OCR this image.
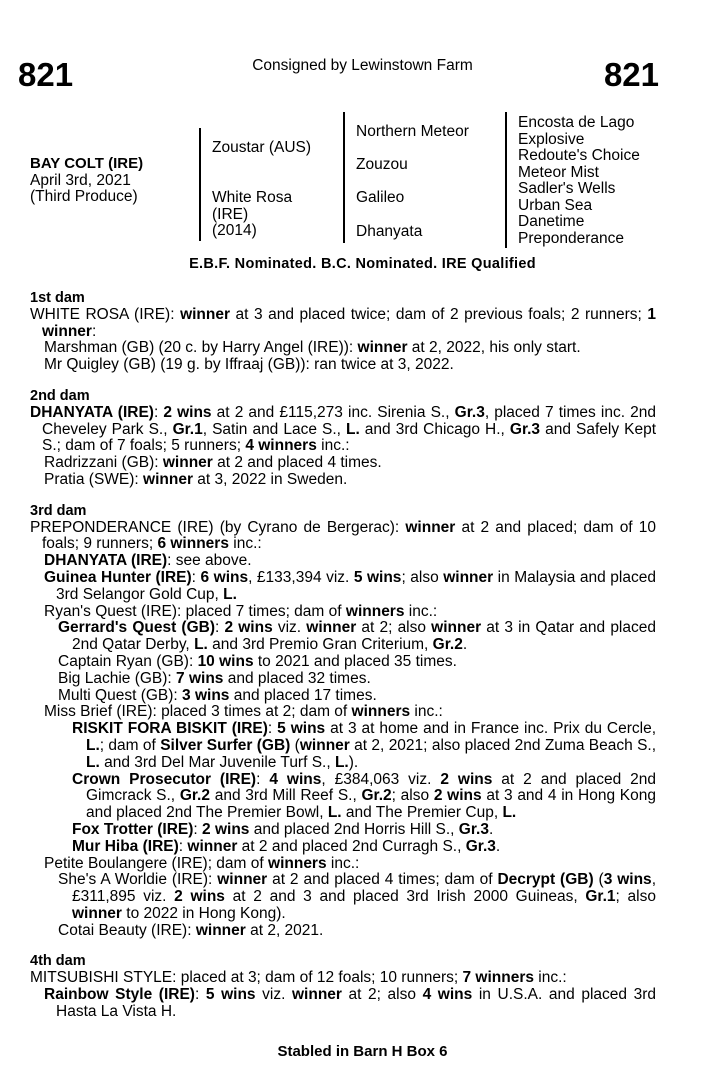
821	821
Consigned by Lewinstown Farm
BAY COLT (IRE)
April 3rd, 2021
(Third Produce)
Zoustar (AUS)
White Rosa
(IRE)
(2014)
Northern Meteor
Zouzou
Galileo
Dhanyata
Encosta de Lago
Explosive
Redoute's Choice
Meteor Mist
Sadler's Wells
Urban Sea
Danetime
Preponderance
E.B.F. Nominated. B.C. Nominated. IRE Qualified
1st dam
WHITE ROSA (IRE): winner at 3 and placed twice; dam of 2 previous foals; 2 runners; 1 winner:
Marshman (GB) (20 c. by Harry Angel (IRE)): winner at 2, 2022, his only start.
Mr Quigley (GB) (19 g. by Iffraaj (GB)): ran twice at 3, 2022.
2nd dam
DHANYATA (IRE): 2 wins at 2 and £115,273 inc. Sirenia S., Gr.3, placed 7 times inc. 2nd Cheveley Park S., Gr.1, Satin and Lace S., L. and 3rd Chicago H., Gr.3 and Safely Kept S.; dam of 7 foals; 5 runners; 4 winners inc.:
Radrizzani (GB): winner at 2 and placed 4 times.
Pratia (SWE): winner at 3, 2022 in Sweden.
3rd dam
PREPONDERANCE (IRE) (by Cyrano de Bergerac): winner at 2 and placed; dam of 10 foals; 9 runners; 6 winners inc.:
DHANYATA (IRE): see above.
Guinea Hunter (IRE): 6 wins, £133,394 viz. 5 wins; also winner in Malaysia and placed 3rd Selangor Gold Cup, L.
Ryan's Quest (IRE): placed 7 times; dam of winners inc.:
Gerrard's Quest (GB): 2 wins viz. winner at 2; also winner at 3 in Qatar and placed 2nd Qatar Derby, L. and 3rd Premio Gran Criterium, Gr.2.
Captain Ryan (GB): 10 wins to 2021 and placed 35 times.
Big Lachie (GB): 7 wins and placed 32 times.
Multi Quest (GB): 3 wins and placed 17 times.
Miss Brief (IRE): placed 3 times at 2; dam of winners inc.:
RISKIT FORA BISKIT (IRE): 5 wins at 3 at home and in France inc. Prix du Cercle, L.; dam of Silver Surfer (GB) (winner at 2, 2021; also placed 2nd Zuma Beach S., L. and 3rd Del Mar Juvenile Turf S., L.).
Crown Prosecutor (IRE): 4 wins, £384,063 viz. 2 wins at 2 and placed 2nd Gimcrack S., Gr.2 and 3rd Mill Reef S., Gr.2; also 2 wins at 3 and 4 in Hong Kong and placed 2nd The Premier Bowl, L. and The Premier Cup, L.
Fox Trotter (IRE): 2 wins and placed 2nd Horris Hill S., Gr.3.
Mur Hiba (IRE): winner at 2 and placed 2nd Curragh S., Gr.3.
Petite Boulangere (IRE); dam of winners inc.:
She's A Worldie (IRE): winner at 2 and placed 4 times; dam of Decrypt (GB) (3 wins, £311,895 viz. 2 wins at 2 and 3 and placed 3rd Irish 2000 Guineas, Gr.1; also winner to 2022 in Hong Kong).
Cotai Beauty (IRE): winner at 2, 2021.
4th dam
MITSUBISHI STYLE: placed at 3; dam of 12 foals; 10 runners; 7 winners inc.:
Rainbow Style (IRE): 5 wins viz. winner at 2; also 4 wins in U.S.A. and placed 3rd Hasta La Vista H.
Stabled in Barn H Box 6
